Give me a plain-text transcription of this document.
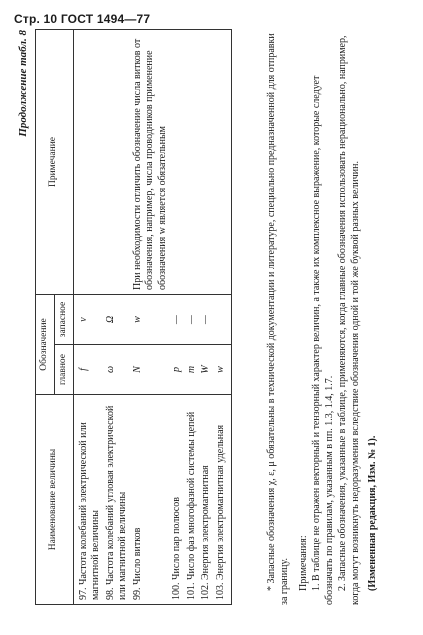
Стр. 10 ГОСТ 1494—77
Продолжение табл. 8
Наименование величины	Обозначение		Примечание
	главное	запасное	
97. Частота колебаний электрической или магнитной величины	f	ν	
98. Частота колебаний угловая электрической или магнитной величины	ω	Ω	
99. Число витков	N	w	При необходимости отличить обозначение числа витков от обозначения, например, числа проводников применение обозначения w является обязательным
100. Число пар полюсов	p	—	
101. Число фаз многофазной системы цепей	m	—	
102. Энергия электромагнитная	W	—	
103. Энергия электромагнитная удельная	w			* Запасные обозначения χ, ε, μ обязательны в технической документации и литературе, специально предназначенной для отправки за границу. Примечания: 1. В таблице не отражен векторный и тензорный характер величин, а также их комплексное выражение, которые следует обозначать по правилам, указанным в пп. 1.3, 1.4, 1.7. 2. Запасные обозначения, указанные в таблице, применяются, когда главные обозначения использовать нерационально, например, когда могут возникнуть недоразумения вследствие обозначения одной и той же буквой разных величин. (Измененная редакция, Изм. № 1).
